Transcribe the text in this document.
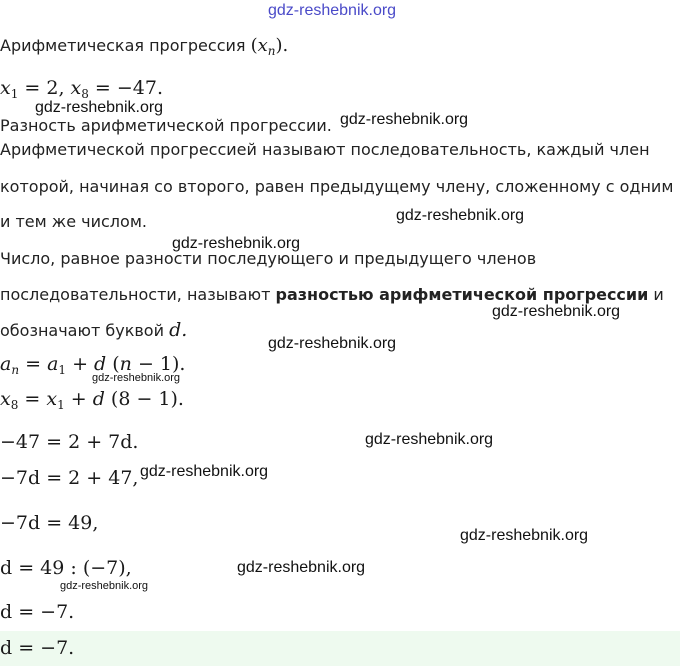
gdz-reshebnik.org
Арифметическая прогрессия $(x_n)$.
$x_1 = 2$, $x_8 = -47$.
gdz-reshebnik.org
Разность арифметической прогрессии. gdz-reshebnik.org
Арифметической прогрессией называют последовательность, каждый член
которой, начиная со второго, равен предыдущему члену, сложенному с одним
и тем же числом.	gdz-reshebnik.org
gdz-reshebnik.org
Число, равное разности последующего и предыдущего членов
последовательности, называют разностью арифметической прогрессии и
gdz-reshebnik.org
обозначают буквой d.
gdz-reshebnik.org
$a_n = a_1 + d$ (n − 1).
gdz-reshebnik.org
$x_8 = x_1 + d$ (8 − 1).
−47 = 2 + 7d.	gdz-reshebnik.org
−7d = 2 + 47, gdz-reshebnik.org
−7d = 49,
gdz-reshebnik.org
d = 49 : (−7),	gdz-reshebnik.org
gdz-reshebnik.org
d = −7.
d = −7.
